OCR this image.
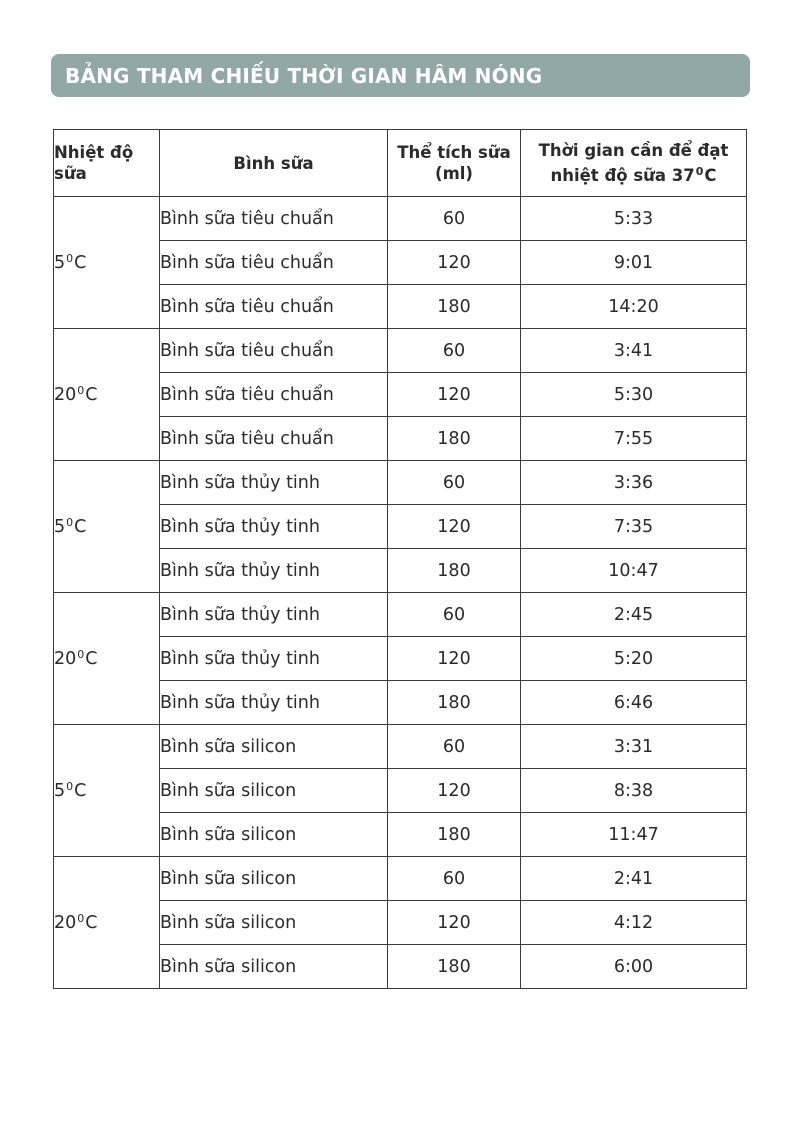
BẢNG THAM CHIẾU THỜI GIAN HÂM NÓNG
Nhiệt độ sữa	Bình sữa	Thể tích sữa (ml)	Thời gian cần để đạt nhiệt độ sữa $37^0C$
$5^0C$	Bình sữa tiêu chuẩn	60	5:33
	Bình sữa tiêu chuẩn	120	9:01
	Bình sữa tiêu chuẩn	180	14:20
$20^0C$	Bình sữa tiêu chuẩn	60	3:41
	Bình sữa tiêu chuẩn	120	5:30
	Bình sữa tiêu chuẩn	180	7:55
$5^0C$	Bình sữa thủy tinh	60	3:36
	Bình sữa thủy tinh	120	7:35
	Bình sữa thủy tinh	180	10:47
$20^0C$	Bình sữa thủy tinh	60	2:45
	Bình sữa thủy tinh	120	5:20
	Bình sữa thủy tinh	180	6:46
$5^0C$	Bình sữa silicon	60	3:31
	Bình sữa silicon	120	8:38
	Bình sữa silicon	180	11:47
$20^0C$	Bình sữa silicon	60	2:41
	Bình sữa silicon	120	4:12
	Bình sữa silicon	180	6:00
